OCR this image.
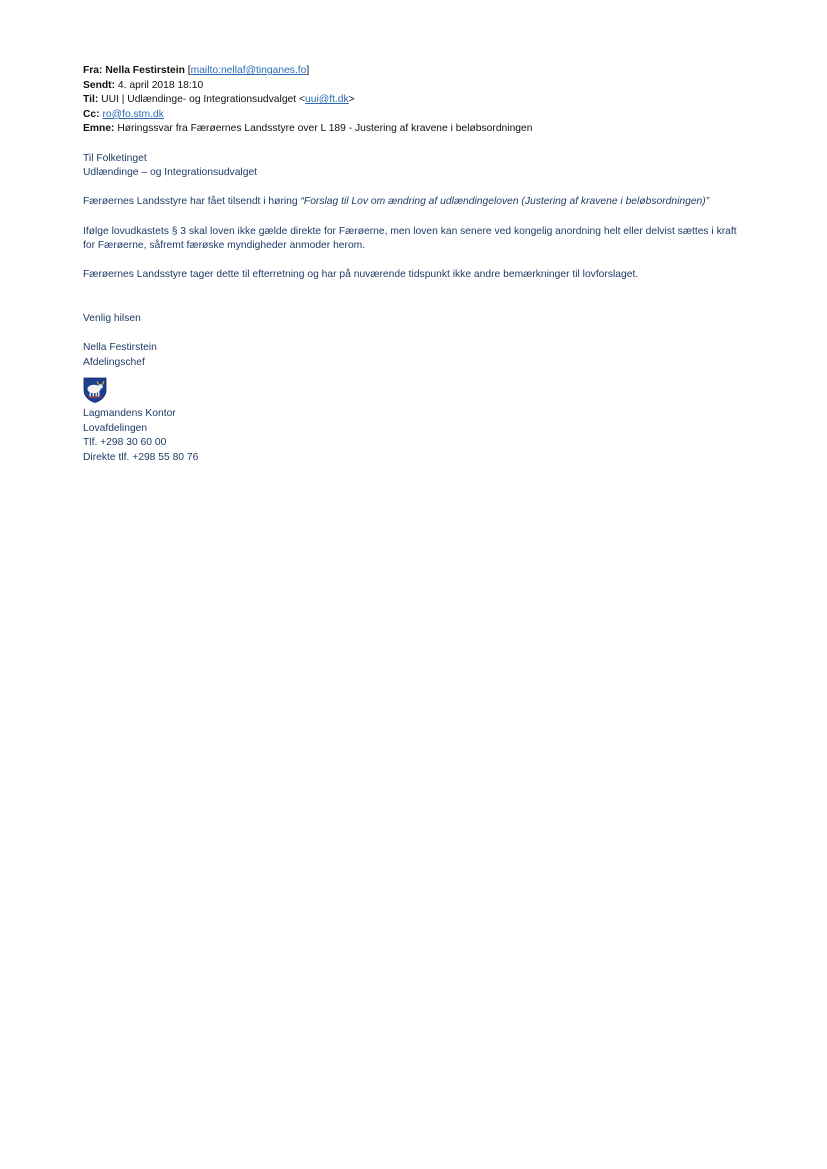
Fra: Nella Festirstein [mailto:nellaf@tinganes.fo]
Sendt: 4. april 2018 18:10
Til: UUI | Udlændinge- og Integrationsudvalget <uui@ft.dk>
Cc: ro@fo.stm.dk
Emne: Høringssvar fra Færøernes Landsstyre over L 189 - Justering af kravene i beløbsordningen

Til Folketinget

Udlændinge – og Integrationsudvalget

Færøernes Landsstyre har fået tilsendt i høring “Forslag til Lov om ændring af udlændingeloven (Justering af kravene i beløbsordningen)”

Ifølge lovudkastets § 3 skal loven ikke gælde direkte for Færøerne, men loven kan senere ved kongelig anordning helt eller delvist sættes i kraft

for Færøerne, såfremt færøske myndigheder anmoder herom.

Færøernes Landsstyre tager dette til efterretning og har på nuværende tidspunkt ikke andre bemærkninger til lovforslaget.

Venlig hilsen

Nella Festirstein

Afdelingschef

Lagmandens Kontor

Lovafdelingen

Tlf. +298 30 60 00

Direkte tlf. +298 55 80 76
